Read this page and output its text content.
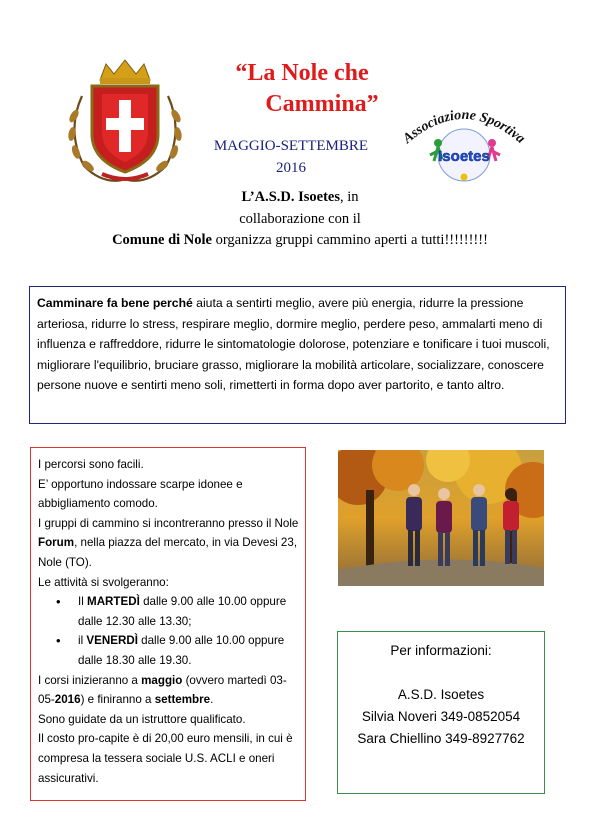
“La Nole che
Cammina”
MAGGIO-SETTEMBRE
2016
Associazione Sportiva
Isoetes
L’A.S.D. Isoetes, in
collaborazione con il
Comune di Nole organizza gruppi cammino aperti a tutti!!!!!!!!!
Camminare fa bene perché aiuta a sentirti meglio, avere più energia, ridurre la pressione arteriosa, ridurre lo stress, respirare meglio, dormire meglio, perdere peso, ammalarti meno di influenza e raffreddore, ridurre le sintomatologie dolorose, potenziare e tonificare i tuoi muscoli, migliorare l'equilibrio, bruciare grasso, migliorare la mobilità articolare, socializzare, conoscere persone nuove e sentirti meno soli, rimetterti in forma dopo aver partorito, e tanto altro.

I percorsi sono facili.

E’ opportuno indossare scarpe idonee e abbigliamento comodo.

I gruppi di cammino si incontreranno presso il Nole Forum, nella piazza del mercato, in via Devesi 23, Nole (TO).

Le attività si svolgeranno:

• Il MARTEDÌ dalle 9.00 alle 10.00 oppure dalle 12.30 alle 13.30;
• il VENERDÌ dalle 9.00 alle 10.00 oppure dalle 18.30 alle 19.30.

I corsi inizieranno a maggio (ovvero martedì 03-05-2016) e finiranno a settembre.

Sono guidate da un istruttore qualificato.

Il costo pro-capite è di 20,00 euro mensili, in cui è compresa la tessera sociale U.S. ACLI e oneri assicurativi.

Per informazioni:
A.S.D. Isoetes
Silvia Noveri 349-0852054
Sara Chiellino 349-8927762
